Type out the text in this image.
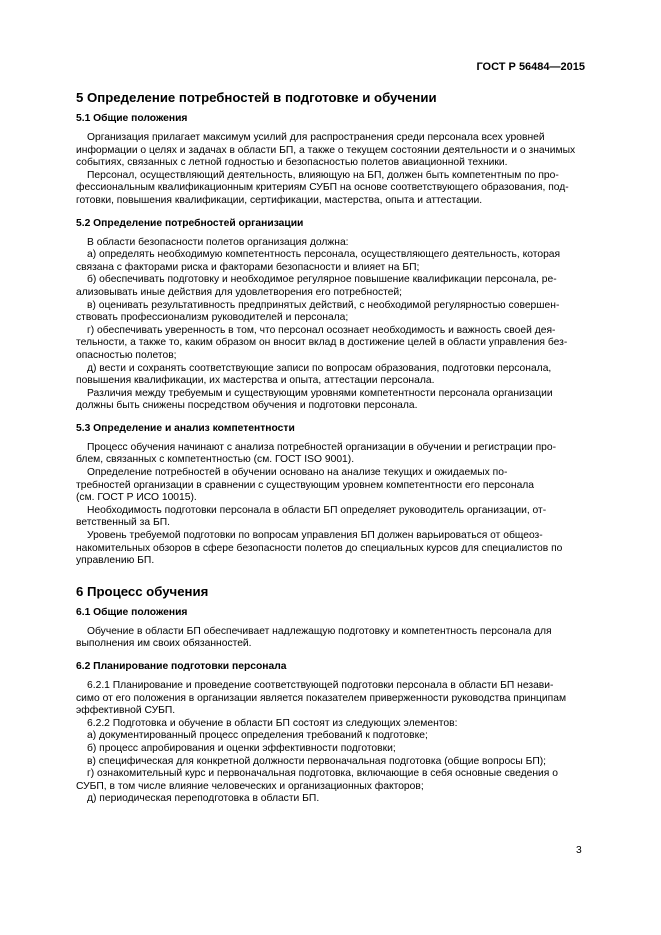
ГОСТ Р 56484—2015
5 Определение потребностей в подготовке и обучении
5.1 Общие положения

Организация прилагает максимум усилий для распространения среди персонала всех уровней

информации о целях и задачах в области БП, а также о текущем состоянии деятельности и о значимых

событиях, связанных с летной годностью и безопасностью полетов авиационной техники.

Персонал, осуществляющий деятельность, влияющую на БП, должен быть компетентным по про-

фессиональным квалификационным критериям СУБП на основе соответствующего образования, под-

готовки, повышения квалификации, сертификации, мастерства, опыта и аттестации.

5.2 Определение потребностей организации

В области безопасности полетов организация должна:

а) определять необходимую компетентность персонала, осуществляющего деятельность, которая

связана с факторами риска и факторами безопасности и влияет на БП;

б) обеспечивать подготовку и необходимое регулярное повышение квалификации персонала, ре-

ализовывать иные действия для удовлетворения его потребностей;

в) оценивать результативность предпринятых действий, с необходимой регулярностью совершен-

ствовать профессионализм руководителей и персонала;

г) обеспечивать уверенность в том, что персонал осознает необходимость и важность своей дея-

тельности, а также то, каким образом он вносит вклад в достижение целей в области управления без-

опасностью полетов;

д) вести и сохранять соответствующие записи по вопросам образования, подготовки персонала,

повышения квалификации, их мастерства и опыта, аттестации персонала.

Различия между требуемым и существующим уровнями компетентности персонала организации

должны быть снижены посредством обучения и подготовки персонала.

5.3 Определение и анализ компетентности

Процесс обучения начинают с анализа потребностей организации в обучении и регистрации про-

блем, связанных с компетентностью (см. ГОСТ ISO 9001).

Определение потребностей в обучении основано на анализе текущих и ожидаемых по-

требностей организации в сравнении с существующим уровнем компетентности его персонала

(см. ГОСТ Р ИСО 10015).

Необходимость подготовки персонала в области БП определяет руководитель организации, от-

ветственный за БП.

Уровень требуемой подготовки по вопросам управления БП должен варьироваться от общеоз-

накомительных обзоров в сфере безопасности полетов до специальных курсов для специалистов по

управлению БП.

6 Процесс обучения
6.1 Общие положения

Обучение в области БП обеспечивает надлежащую подготовку и компетентность персонала для

выполнения им своих обязанностей.

6.2 Планирование подготовки персонала

6.2.1 Планирование и проведение соответствующей подготовки персонала в области БП незави-

симо от его положения в организации является показателем приверженности руководства принципам

эффективной СУБП.

6.2.2 Подготовка и обучение в области БП состоят из следующих элементов:

а) документированный процесс определения требований к подготовке;

б) процесс апробирования и оценки эффективности подготовки;

в) специфическая для конкретной должности первоначальная подготовка (общие вопросы БП);

г) ознакомительный курс и первоначальная подготовка, включающие в себя основные сведения о

СУБП, в том числе влияние человеческих и организационных факторов;

д) периодическая переподготовка в области БП.

3
